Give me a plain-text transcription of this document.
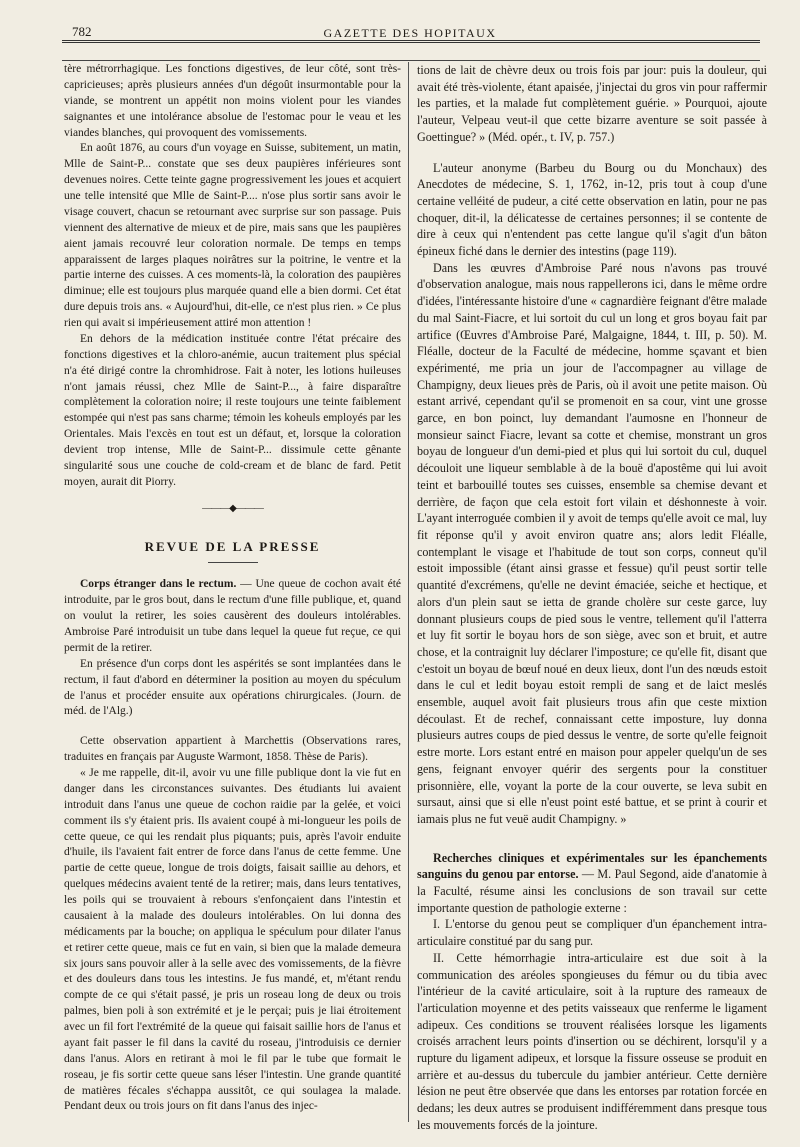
782	GAZETTE DES HOPITAUX

tère métrorrhagique. Les fonctions digestives, de leur côté, sont très-capricieuses; après plusieurs années d'un dégoût insurmontable pour la viande, se montrent un appétit non moins violent pour les viandes saignantes et une intolérance absolue de l'estomac pour le veau et les viandes blanches, qui provoquent des vomissements.

En août 1876, au cours d'un voyage en Suisse, subitement, un matin, Mlle de Saint-P... constate que ses deux paupières inférieures sont devenues noires. Cette teinte gagne progressivement les joues et acquiert une telle intensité que Mlle de Saint-P.... n'ose plus sortir sans avoir le visage couvert, chacun se retournant avec surprise sur son passage. Puis viennent des alternative de mieux et de pire, mais sans que les paupières aient jamais recouvré leur coloration normale. De temps en temps apparaissent de larges plaques noirâtres sur la poitrine, le ventre et la partie interne des cuisses. A ces moments-là, la coloration des paupières diminue; elle est toujours plus marquée quand elle a bien dormi. Cet état dure depuis trois ans. « Aujourd'hui, dit-elle, ce n'est plus rien. » Ce plus rien qui avait si impérieusement attiré mon attention !

En dehors de la médication instituée contre l'état précaire des fonctions digestives et la chloro-anémie, aucun traitement plus spécial n'a été dirigé contre la chromhidrose. Fait à noter, les lotions huileuses n'ont jamais réussi, chez Mlle de Saint-P..., à faire disparaître complètement la coloration noire; il reste toujours une teinte faiblement estompée qui n'est pas sans charme; témoin les koheuls employés par les Orientales. Mais l'excès en tout est un défaut, et, lorsque la coloration devient trop intense, Mlle de Saint-P... dissimule cette gênante singularité sous une couche de cold-cream et de blanc de fard. Petit moyen, aurait dit Piorry.

———◆———
REVUE DE LA PRESSE

Corps étranger dans le rectum. — Une queue de cochon avait été introduite, par le gros bout, dans le rectum d'une fille publique, et, quand on voulut la retirer, les soies causèrent des douleurs intolérables. Ambroise Paré introduisit un tube dans lequel la queue fut reçue, ce qui permit de la retirer.

En présence d'un corps dont les aspérités se sont implantées dans le rectum, il faut d'abord en déterminer la position au moyen du spéculum de l'anus et procéder ensuite aux opérations chirurgicales. (Journ. de méd. de l'Alg.)

Cette observation appartient à Marchettis (Observations rares, traduites en français par Auguste Warmont, 1858. Thèse de Paris).

« Je me rappelle, dit-il, avoir vu une fille publique dont la vie fut en danger dans les circonstances suivantes. Des étudiants lui avaient introduit dans l'anus une queue de cochon raidie par la gelée, et voici comment ils s'y étaient pris. Ils avaient coupé à mi-longueur les poils de cette queue, ce qui les rendait plus piquants; puis, après l'avoir enduite d'huile, ils l'avaient fait entrer de force dans l'anus de cette femme. Une partie de cette queue, longue de trois doigts, faisait saillie au dehors, et quelques médecins avaient tenté de la retirer; mais, dans leurs tentatives, les poils qui se trouvaient à rebours s'enfonçaient dans l'intestin et causaient à la malade des douleurs intolérables. On lui donna des médicaments par la bouche; on appliqua le spéculum pour dilater l'anus et retirer cette queue, mais ce fut en vain, si bien que la malade demeura six jours sans pouvoir aller à la selle avec des vomissements, de la fièvre et des douleurs dans tous les intestins. Je fus mandé, et, m'étant rendu compte de ce qui s'était passé, je pris un roseau long de deux ou trois palmes, bien poli à son extrémité et je le perçai; puis je liai étroitement avec un fil fort l'extrémité de la queue qui faisait saillie hors de l'anus et ayant fait passer le fil dans la cavité du roseau, j'introduisis ce dernier dans l'anus. Alors en retirant à moi le fil par le tube que formait le roseau, je fis sortir cette queue sans léser l'intestin. Une grande quantité de matières fécales s'échappa aussitôt, ce qui soulagea la malade. Pendant deux ou trois jours on fit dans l'anus des injec-

tions de lait de chèvre deux ou trois fois par jour: puis la douleur, qui avait été très-violente, étant apaisée, j'injectai du gros vin pour raffermir les parties, et la malade fut complètement guérie. » Pourquoi, ajoute l'auteur, Velpeau veut-il que cette bizarre aventure se soit passée à Goettingue? » (Méd. opér., t. IV, p. 757.)

L'auteur anonyme (Barbeu du Bourg ou du Monchaux) des Anecdotes de médecine, S. 1, 1762, in-12, pris tout à coup d'une certaine velléité de pudeur, a cité cette observation en latin, pour ne pas choquer, dit-il, la délicatesse de certaines personnes; il se contente de dire à ceux qui n'entendent pas cette langue qu'il s'agit d'un bâton épineux fiché dans le dernier des intestins (page 119).

Dans les œuvres d'Ambroise Paré nous n'avons pas trouvé d'observation analogue, mais nous rappellerons ici, dans le même ordre d'idées, l'intéressante histoire d'une « cagnardière feignant d'être malade du mal Saint-Fiacre, et lui sortoit du cul un long et gros boyau fait par artifice (Œuvres d'Ambroise Paré, Malgaigne, 1844, t. III, p. 50). M. Fléalle, docteur de la Faculté de médecine, homme sçavant et bien expérimenté, me pria un jour de l'accompagner au village de Champigny, deux lieues près de Paris, où il avoit une petite maison. Où estant arrivé, cependant qu'il se promenoit en sa cour, vint une grosse garce, en bon poinct, luy demandant l'aumosne en l'honneur de monsieur sainct Fiacre, levant sa cotte et chemise, monstrant un gros boyau de longueur d'un demi-pied et plus qui lui sortoit du cul, duquel découloit une liqueur semblable à de la bouë d'apostême qui lui avoit teint et barbouillé toutes ses cuisses, ensemble sa chemise devant et derrière, de façon que cela estoit fort vilain et déshonneste à voir. L'ayant interroguée combien il y avoit de temps qu'elle avoit ce mal, luy fit réponse qu'il y avoit environ quatre ans; alors ledit Fléalle, contemplant le visage et l'habitude de tout son corps, conneut qu'il estoit impossible (étant ainsi grasse et fessue) qu'il peust sortir telle quantité d'excrémens, qu'elle ne devint émaciée, seiche et hectique, et alors d'un plein saut se ietta de grande cholère sur ceste garce, luy donnant plusieurs coups de pied sous le ventre, tellement qu'il l'atterra et luy fit sortir le boyau hors de son siège, avec son et bruit, et autre chose, et la contraignit luy déclarer l'imposture; ce qu'elle fit, disant que c'estoit un boyau de bœuf noué en deux lieux, dont l'un des nœuds estoit dans le cul et ledit boyau estoit rempli de sang et de laict meslés ensemble, auquel avoit fait plusieurs trous afin que ceste mixtion découlast. Et de rechef, connaissant cette imposture, luy donna plusieurs autres coups de pied dessus le ventre, de sorte qu'elle feignoit estre morte. Lors estant entré en maison pour appeler quelqu'un de ses gens, feignant envoyer quérir des sergents pour la constituer prisonnière, elle, voyant la porte de la cour ouverte, se leva subit en sursaut, ainsi que si elle n'eust point esté battue, et se print à courir et iamais plus ne fut veuë audit Champigny. »

Recherches cliniques et expérimentales sur les épanchements sanguins du genou par entorse. — M. Paul Segond, aide d'anatomie à la Faculté, résume ainsi les conclusions de son travail sur cette importante question de pathologie externe :

I. L'entorse du genou peut se compliquer d'un épanchement intra-articulaire constitué par du sang pur.

II. Cette hémorrhagie intra-articulaire est due soit à la communication des aréoles spongieuses du fémur ou du tibia avec l'intérieur de la cavité articulaire, soit à la rupture des rameaux de l'articulation moyenne et des petits vaisseaux que renferme le ligament adipeux. Ces conditions se trouvent réalisées lorsque les ligaments croisés arrachent leurs points d'insertion ou se déchirent, lorsqu'il y a rupture du ligament adipeux, et lorsque la fissure osseuse se produit en arrière et au-dessus du tubercule du jambier antérieur. Cette dernière lésion ne peut être observée que dans les entorses par rotation forcée en dedans; les deux autres se produisent indifféremment dans presque tous les mouvements forcés de la jointure.
